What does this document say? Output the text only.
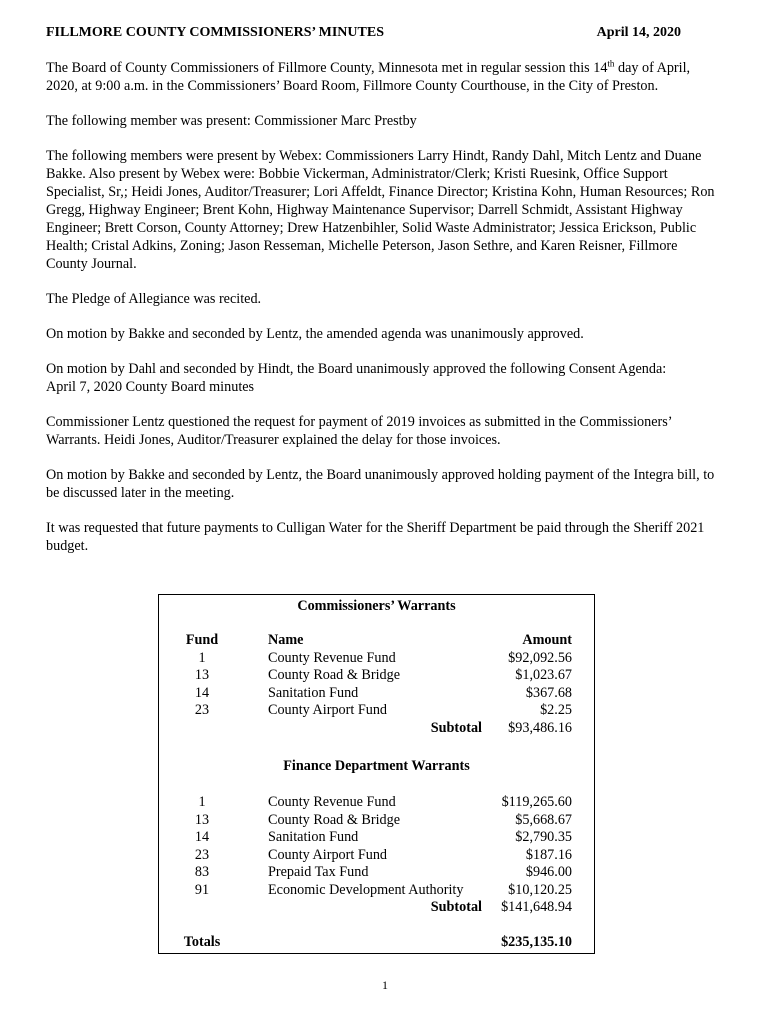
FILLMORE COUNTY COMMISSIONERS’ MINUTES	April 14, 2020

The Board of County Commissioners of Fillmore County, Minnesota met in regular session this 14th day of April, 2020, at 9:00 a.m. in the Commissioners’ Board Room, Fillmore County Courthouse, in the City of Preston.

The following member was present: Commissioner Marc Prestby

The following members were present by Webex: Commissioners Larry Hindt, Randy Dahl, Mitch Lentz and Duane Bakke. Also present by Webex were: Bobbie Vickerman, Administrator/Clerk; Kristi Ruesink, Office Support Specialist, Sr,; Heidi Jones, Auditor/Treasurer; Lori Affeldt, Finance Director; Kristina Kohn, Human Resources; Ron Gregg, Highway Engineer; Brent Kohn, Highway Maintenance Supervisor; Darrell Schmidt, Assistant Highway Engineer; Brett Corson, County Attorney; Drew Hatzenbihler, Solid Waste Administrator; Jessica Erickson, Public Health; Cristal Adkins, Zoning; Jason Resseman, Michelle Peterson, Jason Sethre, and Karen Reisner, Fillmore County Journal.

The Pledge of Allegiance was recited.

On motion by Bakke and seconded by Lentz, the amended agenda was unanimously approved.

On motion by Dahl and seconded by Hindt, the Board unanimously approved the following Consent Agenda:

April 7, 2020 County Board minutes

Commissioner Lentz questioned the request for payment of 2019 invoices as submitted in the Commissioners’ Warrants. Heidi Jones, Auditor/Treasurer explained the delay for those invoices.

On motion by Bakke and seconded by Lentz, the Board unanimously approved holding payment of the Integra bill, to be discussed later in the meeting.

It was requested that future payments to Culligan Water for the Sheriff Department be paid through the Sheriff 2021 budget.

Commissioners’ Warrants
Fund	Name	Amount
1	County Revenue Fund	$92,092.56
13	County Road & Bridge	$1,023.67
14	Sanitation Fund	$367.68
23	County Airport Fund	$2.25
Subtotal $93,486.16
Finance Department Warrants
1	County Revenue Fund	$119,265.60
13	County Road & Bridge	$5,668.67
14	Sanitation Fund	$2,790.35
23	County Airport Fund	$187.16
83	Prepaid Tax Fund	$946.00
91	Economic Development Authority	$10,120.25
Subtotal $141,648.94
Totals	$235,135.10
1
